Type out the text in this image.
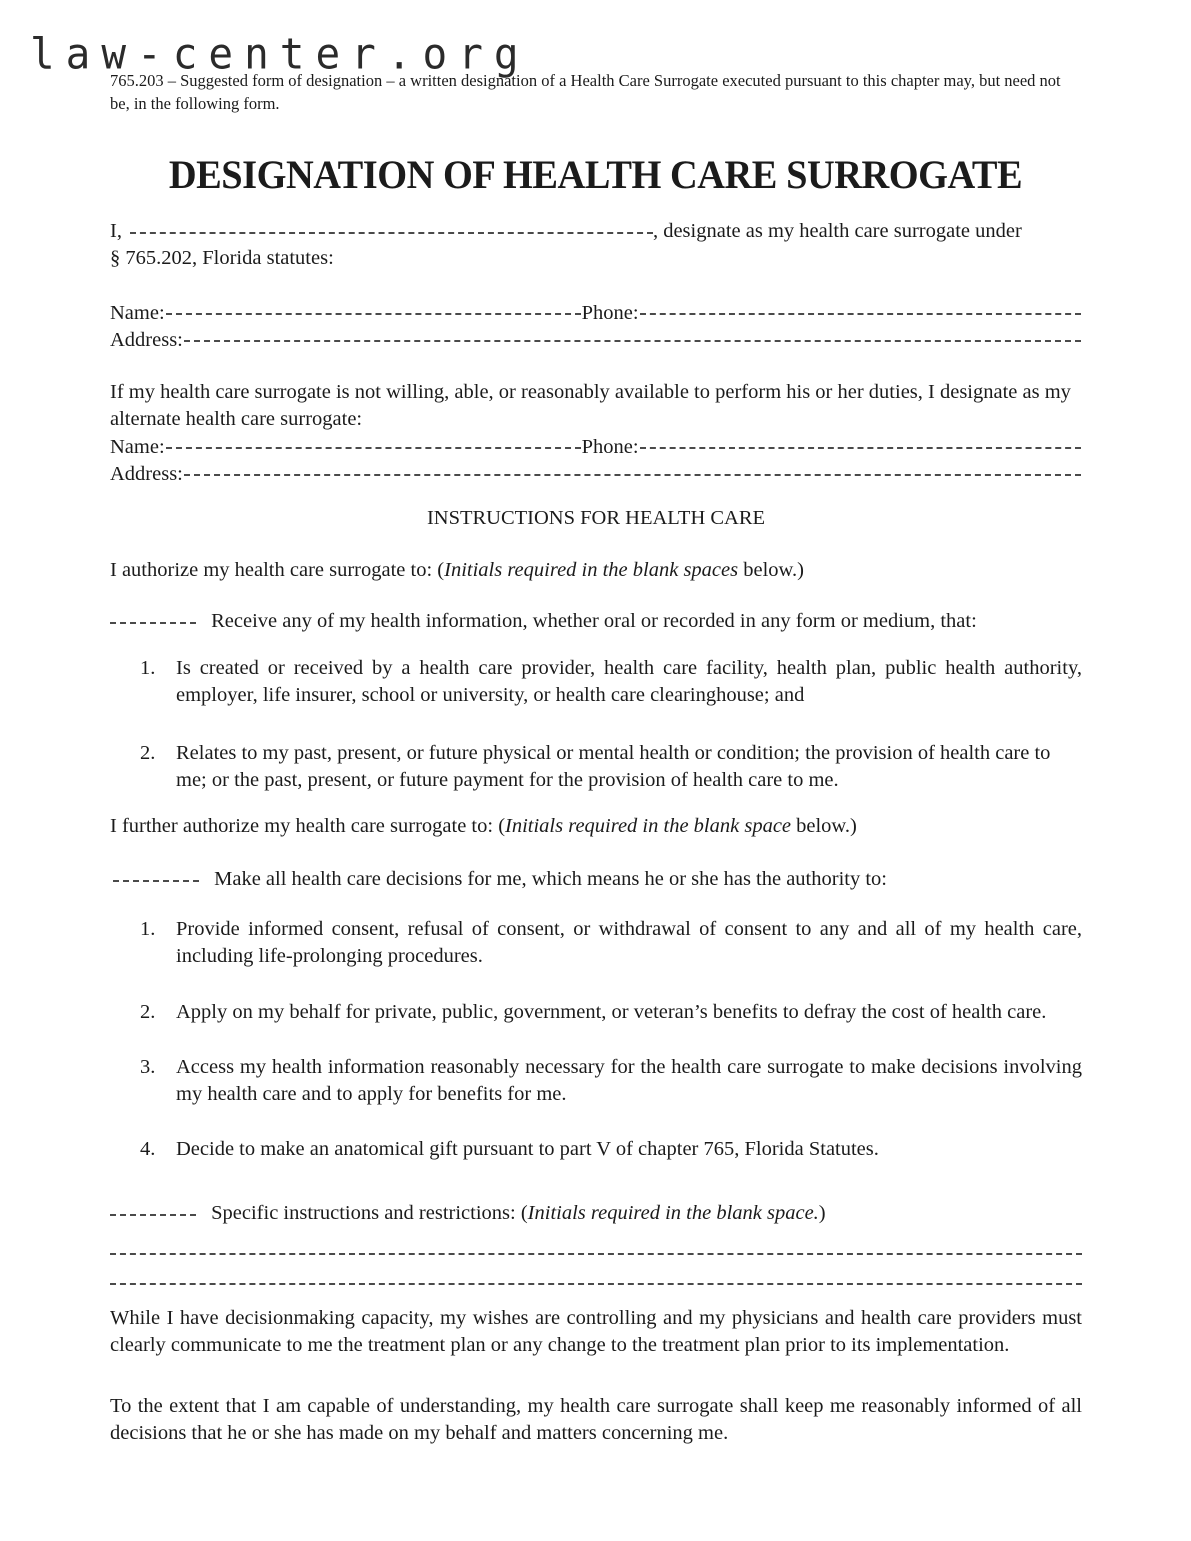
law-center.org
765.203 – Suggested form of designation – a written designation of a Health Care Surrogate executed pursuant to this chapter may, but need not be, in the following form.
DESIGNATION OF HEALTH CARE SURROGATE
I,	, designate as my health care surrogate under
§ 765.202, Florida statutes:
Name:	Phone:
Address:
If my health care surrogate is not willing, able, or reasonably available to perform his or her duties, I designate as my alternate health care surrogate:
Name:	Phone:
Address:
INSTRUCTIONS FOR HEALTH CARE
I authorize my health care surrogate to: (Initials required in the blank spaces below.)
Receive any of my health information, whether oral or recorded in any form or medium, that:
1. Is created or received by a health care provider, health care facility, health plan, public health authority, employer, life insurer, school or university, or health care clearinghouse; and
2. Relates to my past, present, or future physical or mental health or condition; the provision of health care to me; or the past, present, or future payment for the provision of health care to me.
I further authorize my health care surrogate to: (Initials required in the blank space below.)
Make all health care decisions for me, which means he or she has the authority to:
1. Provide informed consent, refusal of consent, or withdrawal of consent to any and all of my health care, including life-prolonging procedures.
2. Apply on my behalf for private, public, government, or veteran’s benefits to defray the cost of health care.
3. Access my health information reasonably necessary for the health care surrogate to make decisions involving my health care and to apply for benefits for me.
4. Decide to make an anatomical gift pursuant to part V of chapter 765, Florida Statutes.
Specific instructions and restrictions: (Initials required in the blank space.)
While I have decisionmaking capacity, my wishes are controlling and my physicians and health care providers must clearly communicate to me the treatment plan or any change to the treatment plan prior to its implementation.
To the extent that I am capable of understanding, my health care surrogate shall keep me reasonably informed of all decisions that he or she has made on my behalf and matters concerning me.
